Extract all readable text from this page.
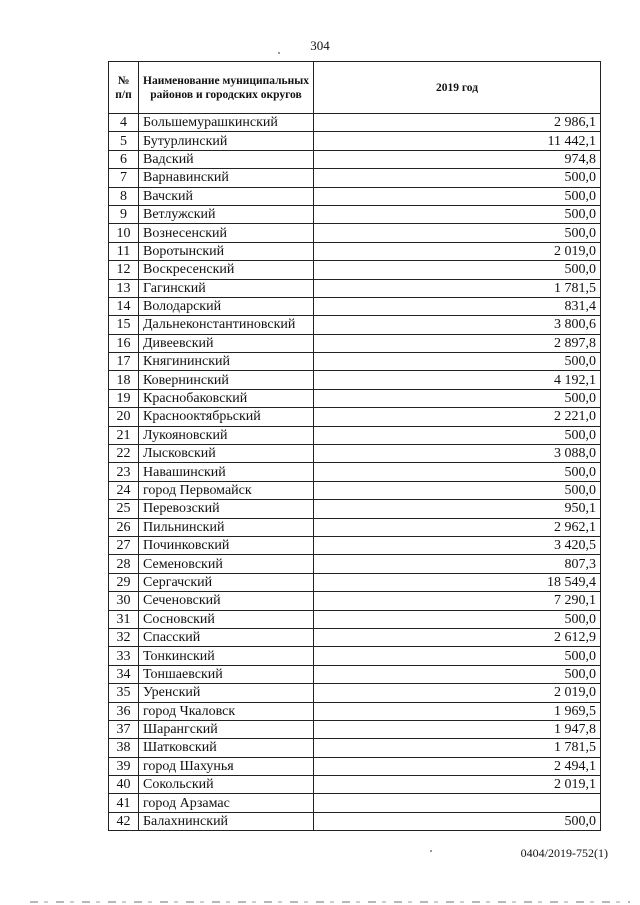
304
№
п/п	Наименование муниципальных районов и городских округов	2019 год
4	Большемурашкинский	2 986,1
5	Бутурлинский	11 442,1
6	Вадский	974,8
7	Варнавинский	500,0
8	Вачский	500,0
9	Ветлужский	500,0
10	Вознесенский	500,0
11	Воротынский	2 019,0
12	Воскресенский	500,0
13	Гагинский	1 781,5
14	Володарский	831,4
15	Дальнеконстантиновский	3 800,6
16	Дивеевский	2 897,8
17	Княгининский	500,0
18	Ковернинский	4 192,1
19	Краснобаковский	500,0
20	Краснооктябрьский	2 221,0
21	Лукояновский	500,0
22	Лысковский	3 088,0
23	Навашинский	500,0
24	город Первомайск	500,0
25	Перевозский	950,1
26	Пильнинский	2 962,1
27	Починковский	3 420,5
28	Семеновский	807,3
29	Сергачский	18 549,4
30	Сеченовский	7 290,1
31	Сосновский	500,0
32	Спасский	2 612,9
33	Тонкинский	500,0
34	Тоншаевский	500,0
35	Уренский	2 019,0
36	город Чкаловск	1 969,5
37	Шарангский	1 947,8
38	Шатковский	1 781,5
39	город Шахунья	2 494,1
40	Сокольский	2 019,1
41	город Арзамас	
42	Балахнинский	500,0
0404/2019-752(1)
